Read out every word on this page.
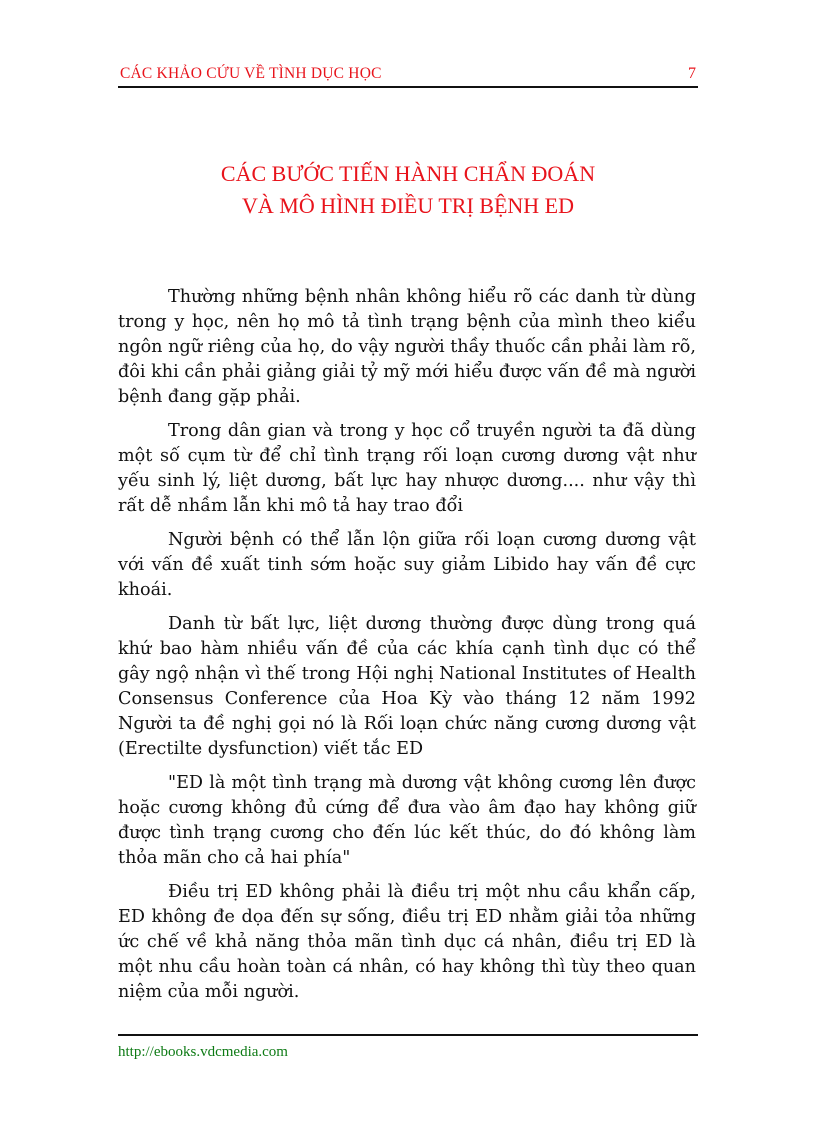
CÁC KHẢO CỨU VỀ TÌNH DỤC HỌC	7
CÁC BƯỚC TIẾN HÀNH CHẨN ĐOÁN
VÀ MÔ HÌNH ĐIỀU TRỊ BỆNH ED

Thường những bệnh nhân không hiểu rõ các danh từ dùng trong y học, nên họ mô tả tình trạng bệnh của mình theo kiểu ngôn ngữ riêng của họ, do vậy người thầy thuốc cần phải làm rõ, đôi khi cần phải giảng giải tỷ mỹ mới hiểu được vấn đề mà người bệnh đang gặp phải.

Trong dân gian và trong y học cổ truyền người ta đã dùng một số cụm từ để chỉ tình trạng rối loạn cương dương vật như yếu sinh lý, liệt dương, bất lực hay nhược dương.... như vậy thì rất dễ nhầm lẫn khi mô tả hay trao đổi

Người bệnh có thể lẫn lộn giữa rối loạn cương dương vật với vấn đề xuất tinh sớm hoặc suy giảm Libido hay vấn đề cực khoái.

Danh từ bất lực, liệt dương thường được dùng trong quá khứ bao hàm nhiều vấn đề của các khía cạnh tình dục có thể gây ngộ nhận vì thế trong Hội nghị National Institutes of Health Consensus Conference của Hoa Kỳ vào tháng 12 năm 1992 Người ta đề nghị gọi nó là Rối loạn chức năng cương dương vật (Erectilte dysfunction) viết tắc ED

"ED là một tình trạng mà dương vật không cương lên được hoặc cương không đủ cứng để đưa vào âm đạo hay không giữ được tình trạng cương cho đến lúc kết thúc, do đó không làm thỏa mãn cho cả hai phía"

Điều trị ED không phải là điều trị một nhu cầu khẩn cấp, ED không đe dọa đến sự sống, điều trị ED nhằm giải tỏa những ức chế về khả năng thỏa mãn tình dục cá nhân, điều trị ED là một nhu cầu hoàn toàn cá nhân, có hay không thì tùy theo quan niệm của mỗi người.

http://ebooks.vdcmedia.com
